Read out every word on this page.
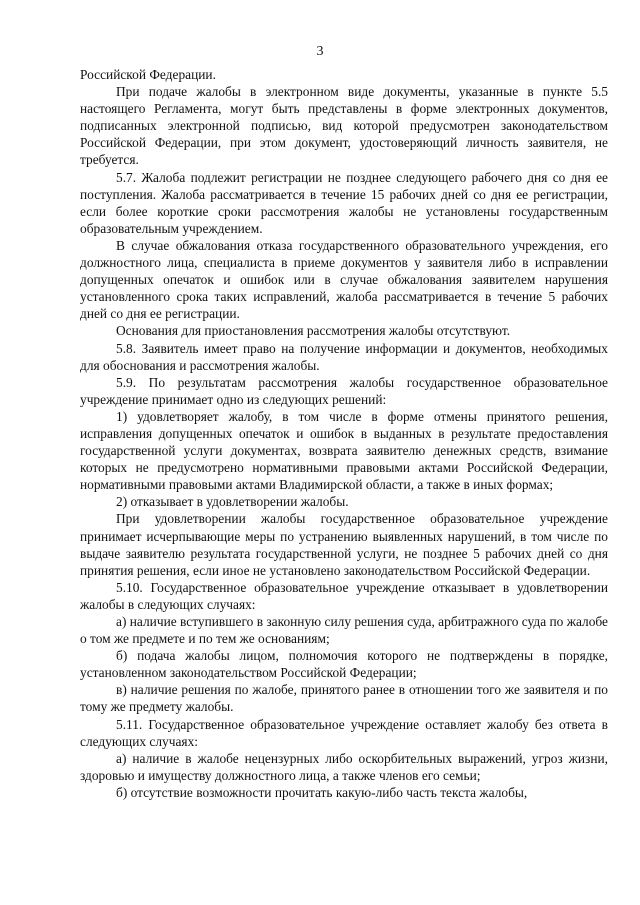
3

Российской Федерации.

При подаче жалобы в электронном виде документы, указанные в пункте 5.5 настоящего Регламента, могут быть представлены в форме электронных документов, подписанных электронной подписью, вид которой предусмотрен законодательством Российской Федерации, при этом документ, удостоверяющий личность заявителя, не требуется.

5.7. Жалоба подлежит регистрации не позднее следующего рабочего дня со дня ее поступления. Жалоба рассматривается в течение 15 рабочих дней со дня ее регистрации, если более короткие сроки рассмотрения жалобы не установлены государственным образовательным учреждением.

В случае обжалования отказа государственного образовательного учреждения, его должностного лица, специалиста в приеме документов у заявителя либо в исправлении допущенных опечаток и ошибок или в случае обжалования заявителем нарушения установленного срока таких исправлений, жалоба рассматривается в течение 5 рабочих дней со дня ее регистрации.

Основания для приостановления рассмотрения жалобы отсутствуют.

5.8. Заявитель имеет право на получение информации и документов, необходимых для обоснования и рассмотрения жалобы.

5.9. По результатам рассмотрения жалобы государственное образовательное учреждение принимает одно из следующих решений:

1) удовлетворяет жалобу, в том числе в форме отмены принятого решения, исправления допущенных опечаток и ошибок в выданных в результате предоставления государственной услуги документах, возврата заявителю денежных средств, взимание которых не предусмотрено нормативными правовыми актами Российской Федерации, нормативными правовыми актами Владимирской области, а также в иных формах;

2) отказывает в удовлетворении жалобы.

При удовлетворении жалобы государственное образовательное учреждение принимает исчерпывающие меры по устранению выявленных нарушений, в том числе по выдаче заявителю результата государственной услуги, не позднее 5 рабочих дней со дня принятия решения, если иное не установлено законодательством Российской Федерации.

5.10. Государственное образовательное учреждение отказывает в удовлетворении жалобы в следующих случаях:

а) наличие вступившего в законную силу решения суда, арбитражного суда по жалобе о том же предмете и по тем же основаниям;

б) подача жалобы лицом, полномочия которого не подтверждены в порядке, установленном законодательством Российской Федерации;

в) наличие решения по жалобе, принятого ранее в отношении того же заявителя и по тому же предмету жалобы.

5.11. Государственное образовательное учреждение оставляет жалобу без ответа в следующих случаях:

а) наличие в жалобе нецензурных либо оскорбительных выражений, угроз жизни, здоровью и имуществу должностного лица, а также членов его семьи;

б) отсутствие возможности прочитать какую-либо часть текста жалобы,
